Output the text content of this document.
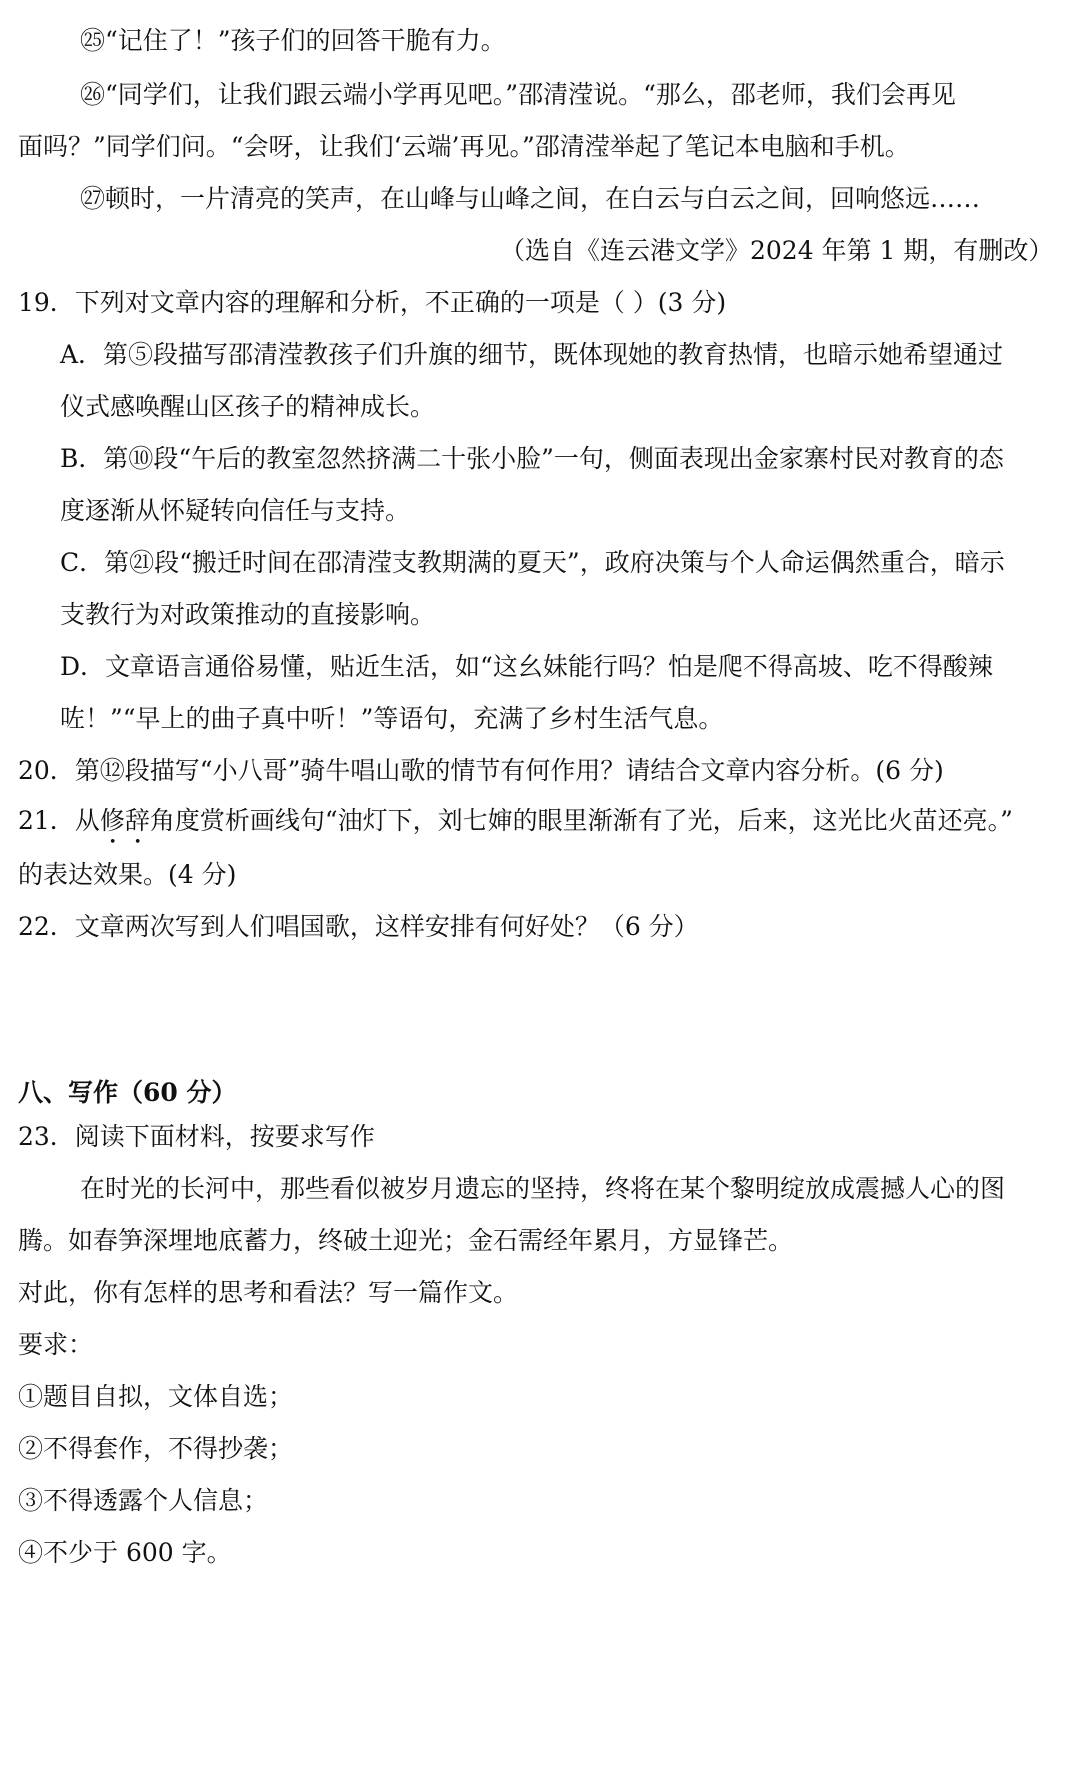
㉕“记住了！”孩子们的回答干脆有力。
㉖“同学们，让我们跟云端小学再见吧。”邵清滢说。“那么，邵老师，我们会再见
面吗？”同学们问。“会呀，让我们‘云端’再见。”邵清滢举起了笔记本电脑和手机。
㉗顿时，一片清亮的笑声，在山峰与山峰之间，在白云与白云之间，回响悠远……
（选自《连云港文学》2024 年第 1 期，有删改）
19．下列对文章内容的理解和分析，不正确的一项是（ ）(3 分)
A．第⑤段描写邵清滢教孩子们升旗的细节，既体现她的教育热情，也暗示她希望通过
仪式感唤醒山区孩子的精神成长。
B．第⑩段“午后的教室忽然挤满二十张小脸”一句，侧面表现出金家寨村民对教育的态
度逐渐从怀疑转向信任与支持。
C．第㉑段“搬迁时间在邵清滢支教期满的夏天”，政府决策与个人命运偶然重合，暗示
支教行为对政策推动的直接影响。
D．文章语言通俗易懂，贴近生活，如“这幺妹能行吗？怕是爬不得高坡、吃不得酸辣
咗！”“早上的曲子真中听！”等语句，充满了乡村生活气息。
20．第⑫段描写“小八哥”骑牛唱山歌的情节有何作用？请结合文章内容分析。(6 分)
21．从修辞角度赏析画线句“油灯下，刘七婶的眼里渐渐有了光，后来，这光比火苗还亮。”
的表达效果。(4 分)
22．文章两次写到人们唱国歌，这样安排有何好处？（6 分）
八、写作（60 分）
23．阅读下面材料，按要求写作
在时光的长河中，那些看似被岁月遗忘的坚持，终将在某个黎明绽放成震撼人心的图
腾。如春笋深埋地底蓄力，终破土迎光；金石需经年累月，方显锋芒。
对此，你有怎样的思考和看法？写一篇作文。
要求：
①题目自拟，文体自选；
②不得套作，不得抄袭；
③不得透露个人信息；
④不少于 600 字。
